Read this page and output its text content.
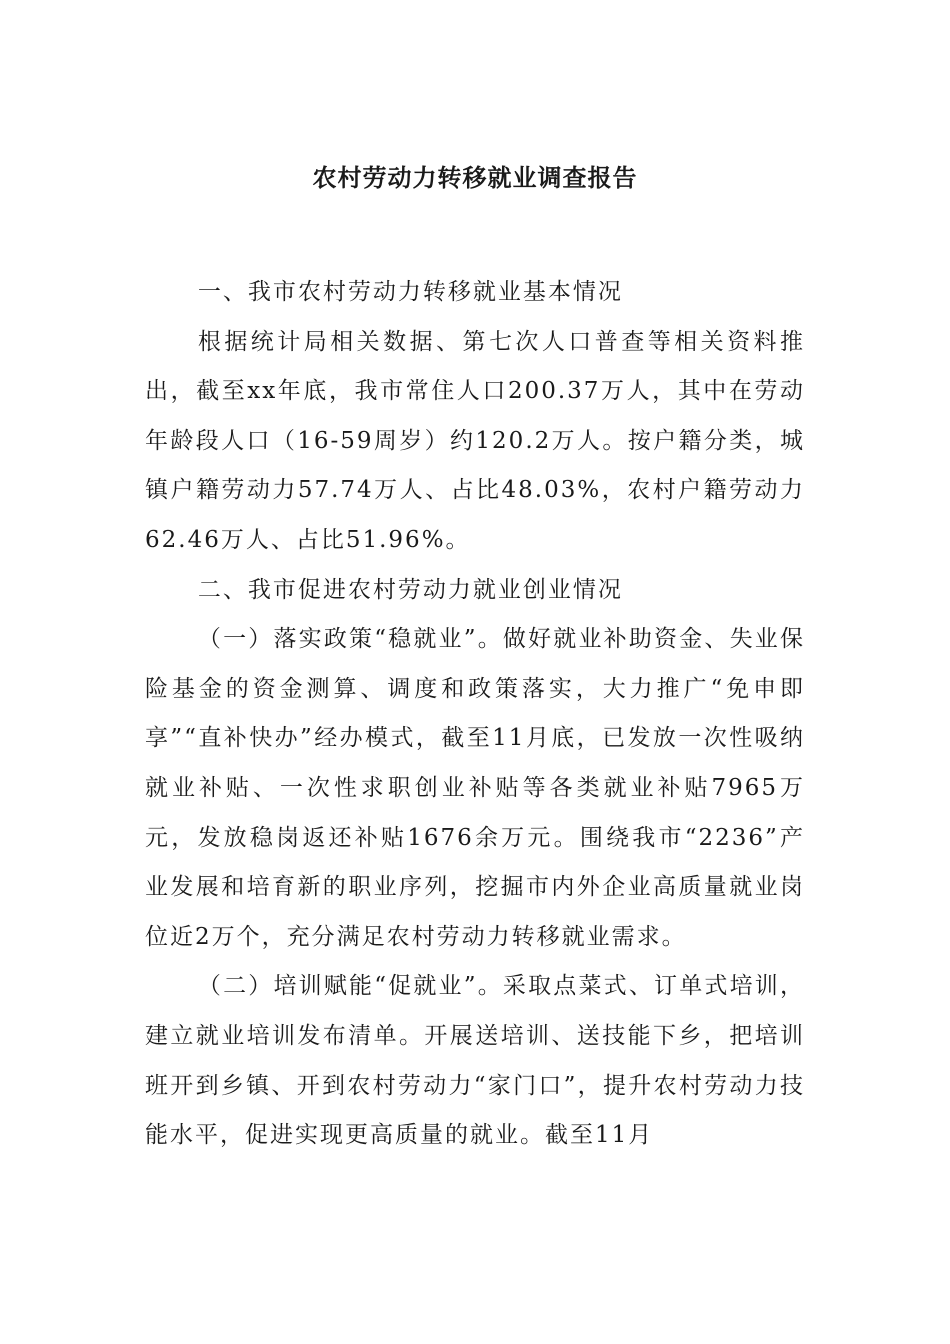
农村劳动力转移就业调查报告

一、我市农村劳动力转移就业基本情况

根据统计局相关数据、第七次人口普查等相关资料推出，截至xx年底，我市常住人口200.37万人，其中在劳动年龄段人口（16-59周岁）约120.2万人。按户籍分类，城镇户籍劳动力57.74万人、占比48.03%，农村户籍劳动力62.46万人、占比51.96%。

二、我市促进农村劳动力就业创业情况

（一）落实政策“稳就业”。做好就业补助资金、失业保险基金的资金测算、调度和政策落实，大力推广“免申即享”“直补快办”经办模式，截至11月底，已发放一次性吸纳就业补贴、一次性求职创业补贴等各类就业补贴7965万元，发放稳岗返还补贴1676余万元。围绕我市“2236”产业发展和培育新的职业序列，挖掘市内外企业高质量就业岗位近2万个，充分满足农村劳动力转移就业需求。

（二）培训赋能“促就业”。采取点菜式、订单式培训，建立就业培训发布清单。开展送培训、送技能下乡，把培训班开到乡镇、开到农村劳动力“家门口”，提升农村劳动力技能水平，促进实现更高质量的就业。截至11月
